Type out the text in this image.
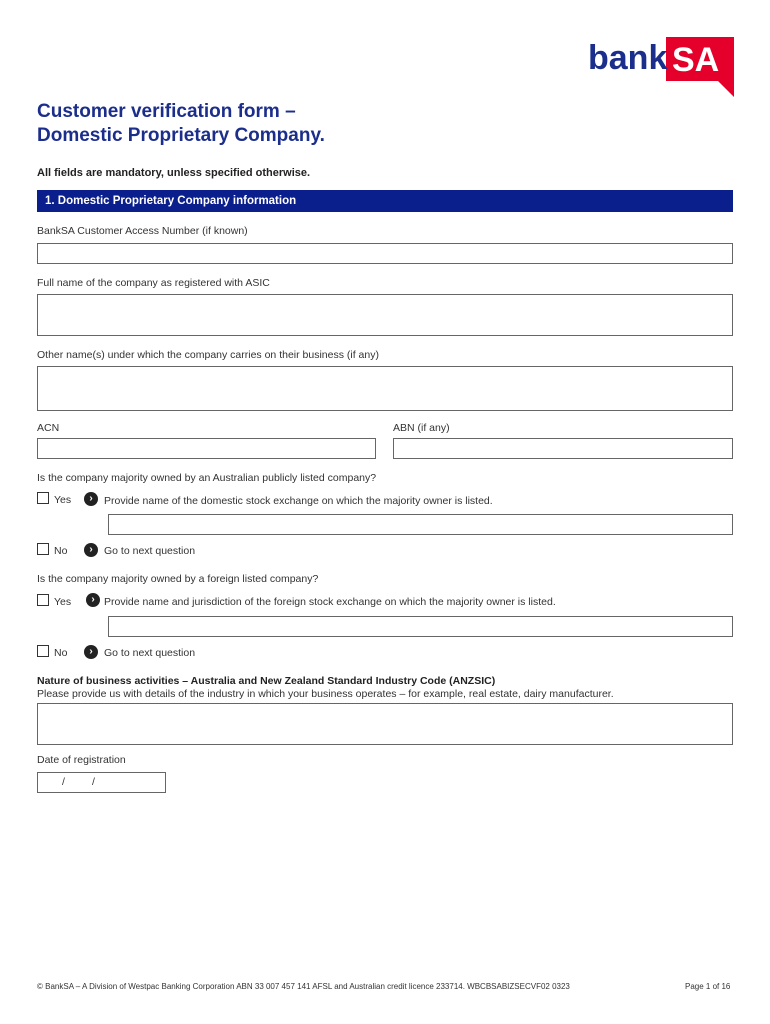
bank SA
Customer verification form –
Domestic Proprietary Company.
All fields are mandatory, unless specified otherwise.
1. Domestic Proprietary Company information
BankSA Customer Access Number (if known)
Full name of the company as registered with ASIC
Other name(s) under which the company carries on their business (if any)
ACN	ABN (if any)
Is the company majority owned by an Australian publicly listed company?
Yes	›	Provide name of the domestic stock exchange on which the majority owner is listed.
No	›	Go to next question
Is the company majority owned by a foreign listed company?
Yes	› Provide name and jurisdiction of the foreign stock exchange on which the majority owner is listed.
No	›	Go to next question
Nature of business activities – Australia and New Zealand Standard Industry Code (ANZSIC)
Please provide us with details of the industry in which your business operates – for example, real estate, dairy manufacturer.
Date of registration
/	/
© BankSA – A Division of Westpac Banking Corporation ABN 33 007 457 141 AFSL and Australian credit licence 233714. WBCBSABIZSECVF02 0323	Page 1 of 16
